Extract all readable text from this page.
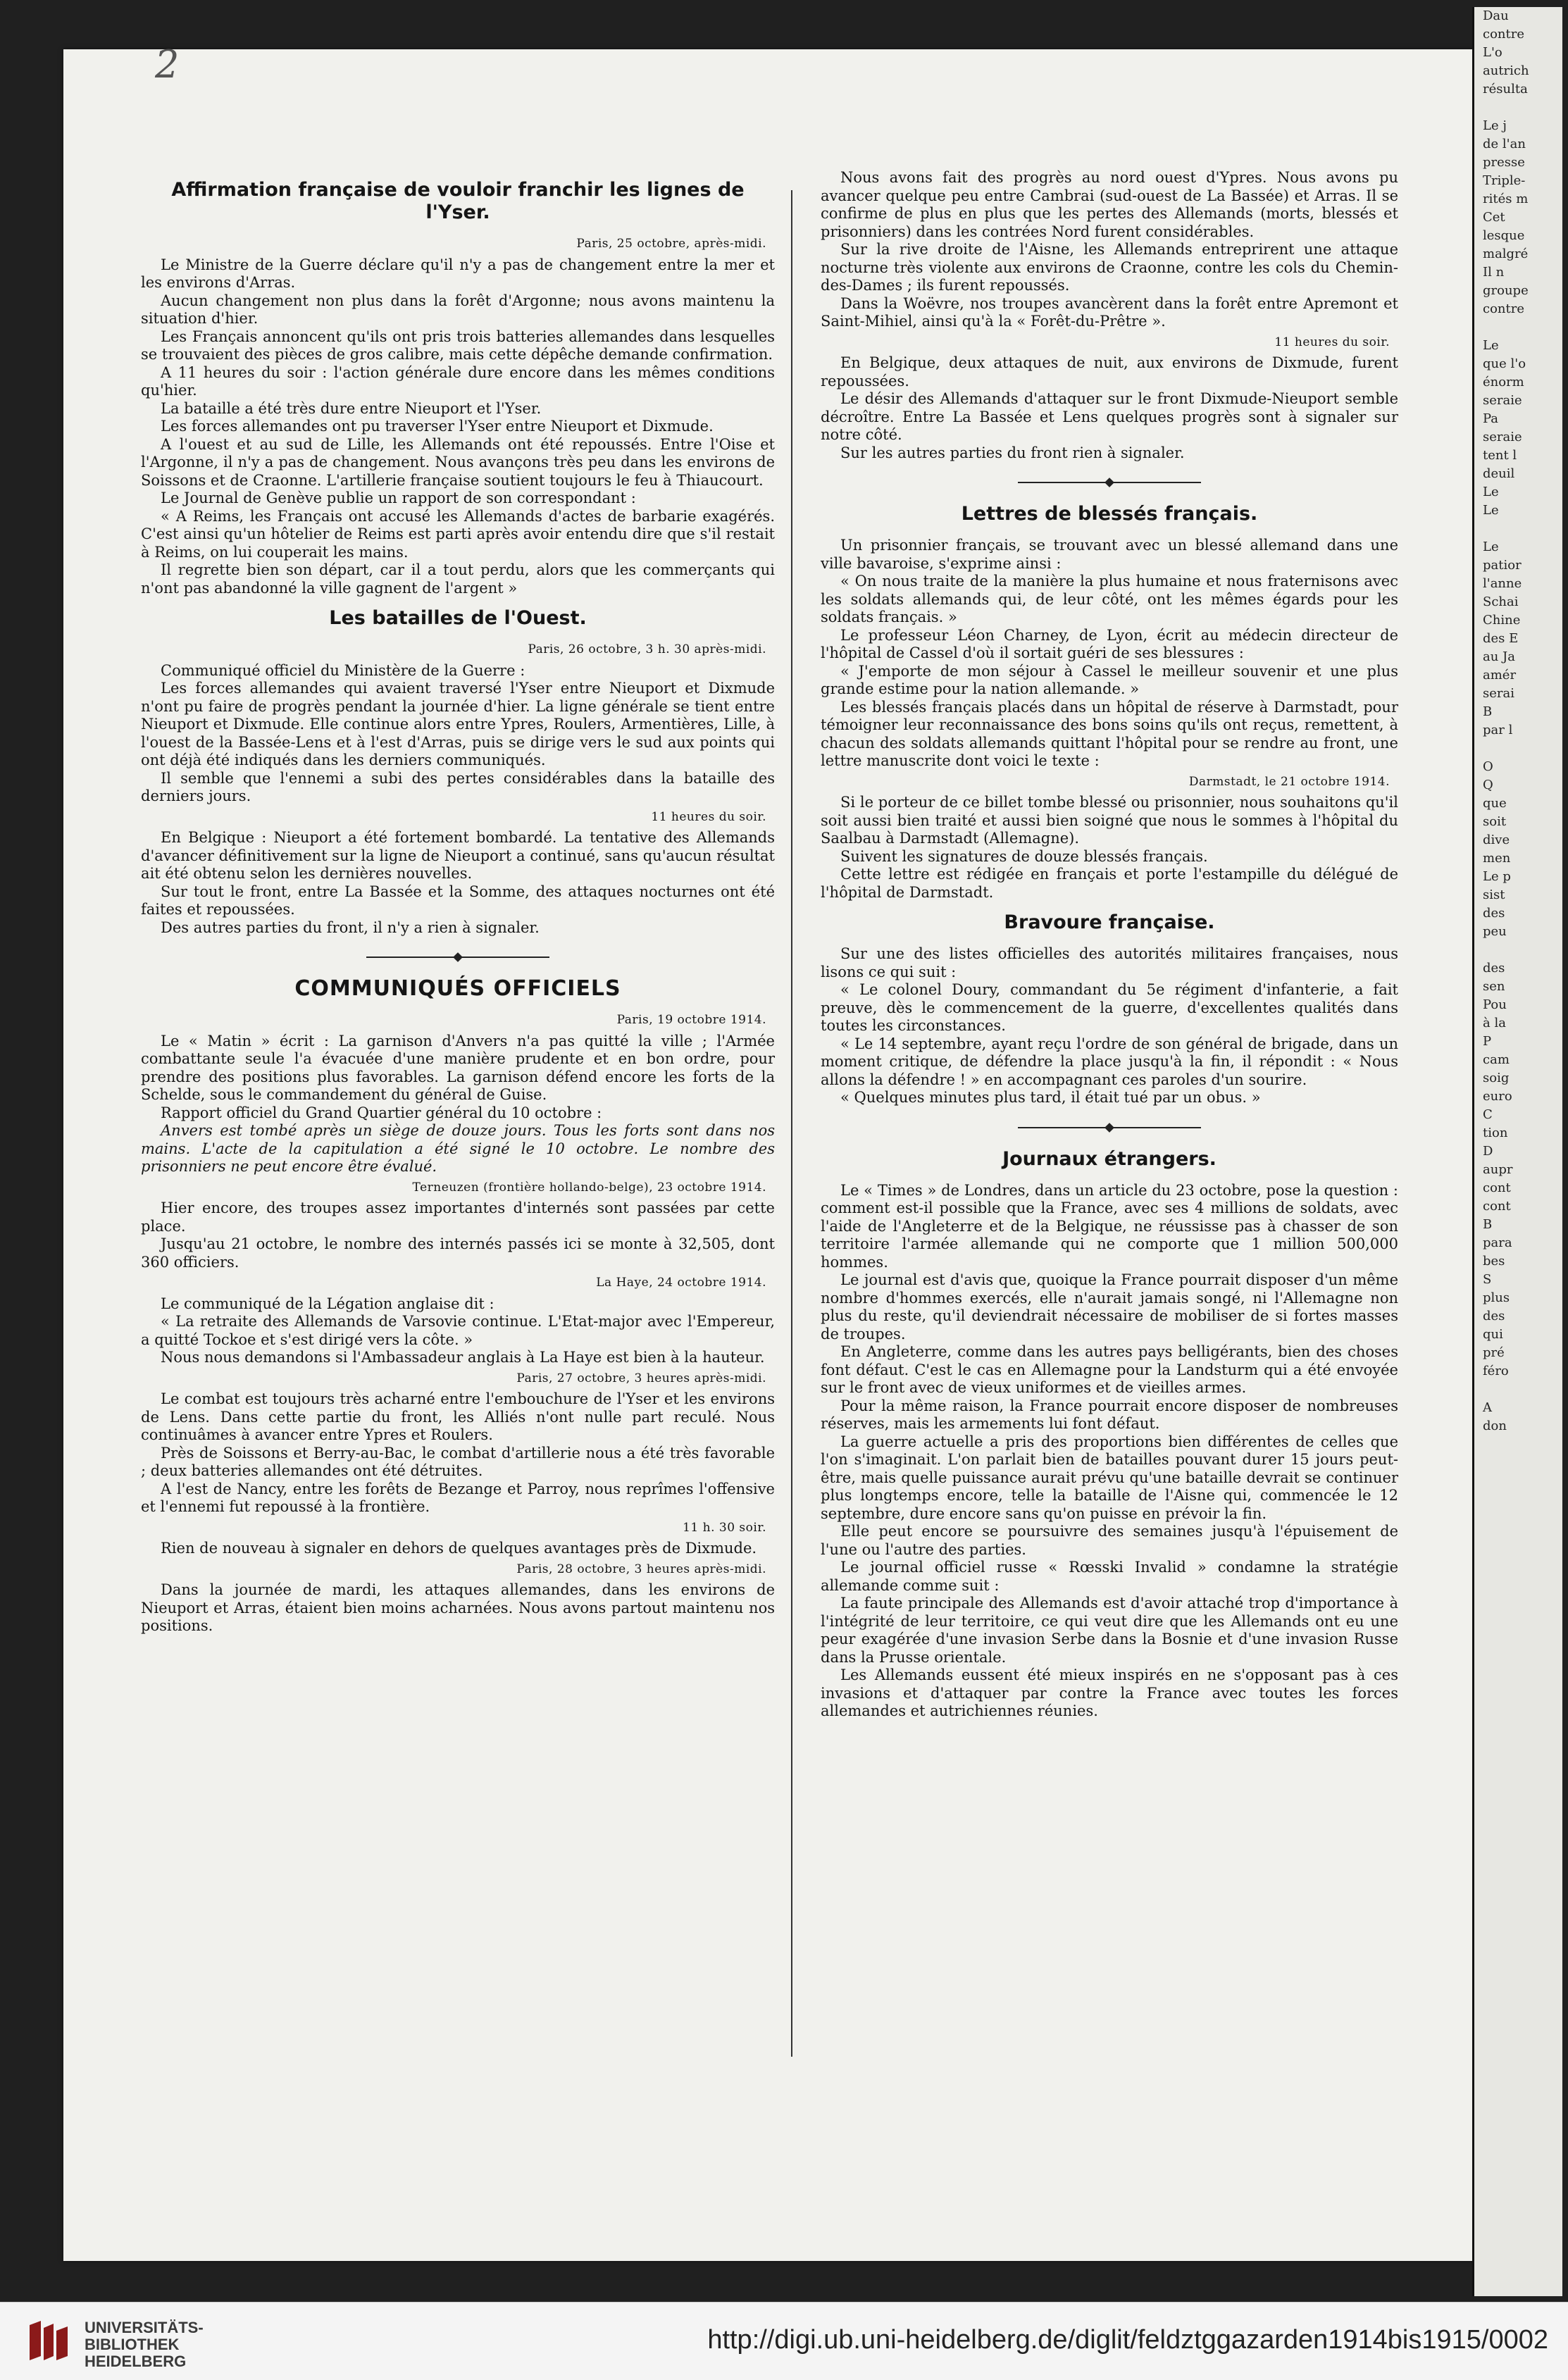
Dau
contre
L'o
autrich
résulta

Le j
de l'an
presse
Triple-
rités m
Cet
lesque
malgré
Il n
groupe
contre

Le
que l'o
énorm
seraie
Pa
seraie
tent l
deuil
Le
Le

Le
patior
l'anne
Schai
Chine
des E
au Ja
amér
serai
B
par l

O
Q
que
soit
dive
men
Le p
sist
des
peu

des
sen
Pou
à la
P
cam
soig
euro
C
tion
D
aupr
cont
cont
B
para
bes
S
plus
des
qui
pré
féro

A
don
2
Affirmation française de vouloir franchir les lignes de l'Yser.
Paris, 25 octobre, après-midi.

Le Ministre de la Guerre déclare qu'il n'y a pas de changement entre la mer et les environs d'Arras.

Aucun changement non plus dans la forêt d'Argonne; nous avons maintenu la situation d'hier.

Les Français annoncent qu'ils ont pris trois batteries allemandes dans lesquelles se trouvaient des pièces de gros calibre, mais cette dépêche demande confirmation.

A 11 heures du soir : l'action générale dure encore dans les mêmes conditions qu'hier.

La bataille a été très dure entre Nieuport et l'Yser.

Les forces allemandes ont pu traverser l'Yser entre Nieuport et Dixmude.

A l'ouest et au sud de Lille, les Allemands ont été repoussés. Entre l'Oise et l'Argonne, il n'y a pas de changement. Nous avançons très peu dans les environs de Soissons et de Craonne. L'artillerie française soutient toujours le feu à Thiaucourt.

Le Journal de Genève publie un rapport de son correspondant :

« A Reims, les Français ont accusé les Allemands d'actes de barbarie exagérés. C'est ainsi qu'un hôtelier de Reims est parti après avoir entendu dire que s'il restait à Reims, on lui couperait les mains.

Il regrette bien son départ, car il a tout perdu, alors que les commerçants qui n'ont pas abandonné la ville gagnent de l'argent »

Les batailles de l'Ouest.
Paris, 26 octobre, 3 h. 30 après-midi.

Communiqué officiel du Ministère de la Guerre :

Les forces allemandes qui avaient traversé l'Yser entre Nieuport et Dixmude n'ont pu faire de progrès pendant la journée d'hier. La ligne générale se tient entre Nieuport et Dixmude. Elle continue alors entre Ypres, Roulers, Armentières, Lille, à l'ouest de la Bassée-Lens et à l'est d'Arras, puis se dirige vers le sud aux points qui ont déjà été indiqués dans les derniers communiqués.

Il semble que l'ennemi a subi des pertes considérables dans la bataille des derniers jours.

11 heures du soir.

En Belgique : Nieuport a été fortement bombardé. La tentative des Allemands d'avancer définitivement sur la ligne de Nieuport a continué, sans qu'aucun résultat ait été obtenu selon les dernières nouvelles.

Sur tout le front, entre La Bassée et la Somme, des attaques nocturnes ont été faites et repoussées.

Des autres parties du front, il n'y a rien à signaler.

COMMUNIQUÉS OFFICIELS
Paris, 19 octobre 1914.

Le « Matin » écrit : La garnison d'Anvers n'a pas quitté la ville ; l'Armée combattante seule l'a évacuée d'une manière prudente et en bon ordre, pour prendre des positions plus favorables. La garnison défend encore les forts de la Schelde, sous le commandement du général de Guise.

Rapport officiel du Grand Quartier général du 10 octobre :

Anvers est tombé après un siège de douze jours. Tous les forts sont dans nos mains. L'acte de la capitulation a été signé le 10 octobre. Le nombre des prisonniers ne peut encore être évalué.

Terneuzen (frontière hollando-belge), 23 octobre 1914.

Hier encore, des troupes assez importantes d'internés sont passées par cette place.

Jusqu'au 21 octobre, le nombre des internés passés ici se monte à 32,505, dont 360 officiers.

La Haye, 24 octobre 1914.

Le communiqué de la Légation anglaise dit :

« La retraite des Allemands de Varsovie continue. L'Etat-major avec l'Empereur, a quitté Tockoe et s'est dirigé vers la côte. »

Nous nous demandons si l'Ambassadeur anglais à La Haye est bien à la hauteur.

Paris, 27 octobre, 3 heures après-midi.

Le combat est toujours très acharné entre l'embouchure de l'Yser et les environs de Lens. Dans cette partie du front, les Alliés n'ont nulle part reculé. Nous continuâmes à avancer entre Ypres et Roulers.

Près de Soissons et Berry-au-Bac, le combat d'artillerie nous a été très favorable ; deux batteries allemandes ont été détruites.

A l'est de Nancy, entre les forêts de Bezange et Parroy, nous reprîmes l'offensive et l'ennemi fut repoussé à la frontière.

11 h. 30 soir.

Rien de nouveau à signaler en dehors de quelques avantages près de Dixmude.

Paris, 28 octobre, 3 heures après-midi.

Dans la journée de mardi, les attaques allemandes, dans les environs de Nieuport et Arras, étaient bien moins acharnées. Nous avons partout maintenu nos positions.

Nous avons fait des progrès au nord ouest d'Ypres. Nous avons pu avancer quelque peu entre Cambrai (sud-ouest de La Bassée) et Arras. Il se confirme de plus en plus que les pertes des Allemands (morts, blessés et prisonniers) dans les contrées Nord furent considérables.

Sur la rive droite de l'Aisne, les Allemands entreprirent une attaque nocturne très violente aux environs de Craonne, contre les cols du Chemin-des-Dames ; ils furent repoussés.

Dans la Woëvre, nos troupes avancèrent dans la forêt entre Apremont et Saint-Mihiel, ainsi qu'à la « Forêt-du-Prêtre ».

11 heures du soir.

En Belgique, deux attaques de nuit, aux environs de Dixmude, furent repoussées.

Le désir des Allemands d'attaquer sur le front Dixmude-Nieuport semble décroître. Entre La Bassée et Lens quelques progrès sont à signaler sur notre côté.

Sur les autres parties du front rien à signaler.

Lettres de blessés français.

Un prisonnier français, se trouvant avec un blessé allemand dans une ville bavaroise, s'exprime ainsi :

« On nous traite de la manière la plus humaine et nous fraternisons avec les soldats allemands qui, de leur côté, ont les mêmes égards pour les soldats français. »

Le professeur Léon Charney, de Lyon, écrit au médecin directeur de l'hôpital de Cassel d'où il sortait guéri de ses blessures :

« J'emporte de mon séjour à Cassel le meilleur souvenir et une plus grande estime pour la nation allemande. »

Les blessés français placés dans un hôpital de réserve à Darmstadt, pour témoigner leur reconnaissance des bons soins qu'ils ont reçus, remettent, à chacun des soldats allemands quittant l'hôpital pour se rendre au front, une lettre manuscrite dont voici le texte :

Darmstadt, le 21 octobre 1914.

Si le porteur de ce billet tombe blessé ou prisonnier, nous souhaitons qu'il soit aussi bien traité et aussi bien soigné que nous le sommes à l'hôpital du Saalbau à Darmstadt (Allemagne).

Suivent les signatures de douze blessés français.

Cette lettre est rédigée en français et porte l'estampille du délégué de l'hôpital de Darmstadt.

Bravoure française.

Sur une des listes officielles des autorités militaires françaises, nous lisons ce qui suit :

« Le colonel Doury, commandant du 5e régiment d'infanterie, a fait preuve, dès le commencement de la guerre, d'excellentes qualités dans toutes les circonstances.

« Le 14 septembre, ayant reçu l'ordre de son général de brigade, dans un moment critique, de défendre la place jusqu'à la fin, il répondit : « Nous allons la défendre ! » en accompagnant ces paroles d'un sourire.

« Quelques minutes plus tard, il était tué par un obus. »

Journaux étrangers.

Le « Times » de Londres, dans un article du 23 octobre, pose la question : comment est-il possible que la France, avec ses 4 millions de soldats, avec l'aide de l'Angleterre et de la Belgique, ne réussisse pas à chasser de son territoire l'armée allemande qui ne comporte que 1 million 500,000 hommes.

Le journal est d'avis que, quoique la France pourrait disposer d'un même nombre d'hommes exercés, elle n'aurait jamais songé, ni l'Allemagne non plus du reste, qu'il deviendrait nécessaire de mobiliser de si fortes masses de troupes.

En Angleterre, comme dans les autres pays belligérants, bien des choses font défaut. C'est le cas en Allemagne pour la Landsturm qui a été envoyée sur le front avec de vieux uniformes et de vieilles armes.

Pour la même raison, la France pourrait encore disposer de nombreuses réserves, mais les armements lui font défaut.

La guerre actuelle a pris des proportions bien différentes de celles que l'on s'imaginait. L'on parlait bien de batailles pouvant durer 15 jours peut-être, mais quelle puissance aurait prévu qu'une bataille devrait se continuer plus longtemps encore, telle la bataille de l'Aisne qui, commencée le 12 septembre, dure encore sans qu'on puisse en prévoir la fin.

Elle peut encore se poursuivre des semaines jusqu'à l'épuisement de l'une ou l'autre des parties.

Le journal officiel russe « Rœsski Invalid » condamne la stratégie allemande comme suit :

La faute principale des Allemands est d'avoir attaché trop d'importance à l'intégrité de leur territoire, ce qui veut dire que les Allemands ont eu une peur exagérée d'une invasion Serbe dans la Bosnie et d'une invasion Russe dans la Prusse orientale.

Les Allemands eussent été mieux inspirés en ne s'opposant pas à ces invasions et d'attaquer par contre la France avec toutes les forces allemandes et autrichiennes réunies.

UNIVERSITÄTS-
BIBLIOTHEK
HEIDELBERG
http://digi.ub.uni-heidelberg.de/diglit/feldztggazarden1914bis1915/0002
